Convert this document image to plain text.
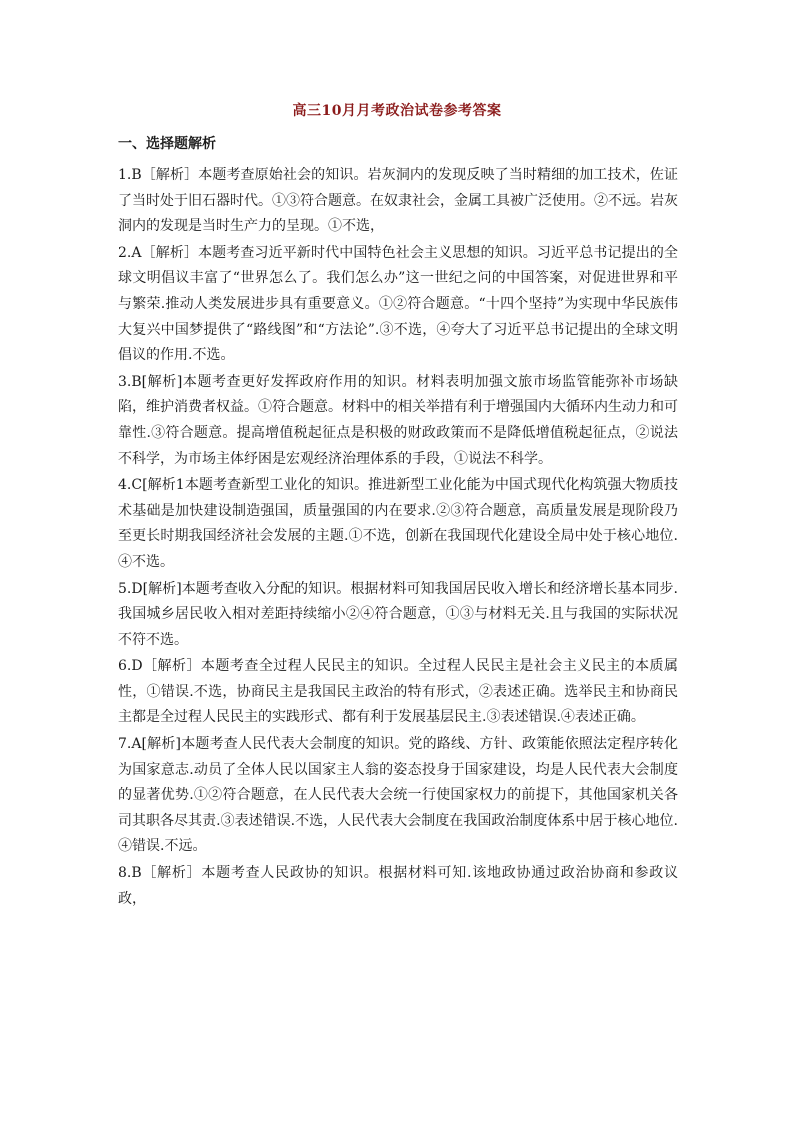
高三10月月考政治试卷参考答案
一、选择题解析

1.B［解析］本题考查原始社会的知识。岩灰洞内的发现反映了当时精细的加工技术，佐证了当时处于旧石器时代。①③符合题意。在奴隶社会，金属工具被广泛使用。②不远。岩灰洞内的发现是当时生产力的呈现。①不选，

2.A［解析］本题考查习近平新时代中国特色社会主义思想的知识。习近平总书记提出的全球文明倡议丰富了“世界怎么了。我们怎么办”这一世纪之问的中国答案，对促进世界和平与繁荣.推动人类发展进步具有重要意义。①②符合题意。“十四个坚持”为实现中华民族伟大复兴中国梦提供了“路线图”和“方法论”.③不选，④夸大了习近平总书记提出的全球文明倡议的作用.不选。

3.B[解析]本题考查更好发挥政府作用的知识。材料表明加强文旅市场监管能弥补市场缺陷，维护消费者权益。①符合题意。材料中的相关举措有利于增强国内大循环内生动力和可靠性.③符合题意。提高增值税起征点是积极的财政政策而不是降低增值税起征点，②说法不科学，为市场主体纾困是宏观经济治理体系的手段，①说法不科学。

4.C[解析1本题考查新型工业化的知识。推进新型工业化能为中国式现代化构筑强大物质技术基础是加快建设制造强国，质量强国的内在要求.②③符合题意，高质量发展是现阶段乃至更长时期我国经济社会发展的主题.①不选，创新在我国现代化建设全局中处于核心地位.④不选。

5.D[解析]本题考查收入分配的知识。根据材料可知我国居民收入增长和经济增长基本同步.我国城乡居民收入相对差距持续缩小②④符合题意，①③与材料无关.且与我国的实际状况不符不选。

6.D［解析］本题考查全过程人民民主的知识。全过程人民民主是社会主义民主的本质属性，①错误.不选，协商民主是我国民主政治的特有形式，②表述正确。选举民主和协商民主都是全过程人民民主的实践形式、都有利于发展基层民主.③表述错误.④表述正确。

7.A[解析]本题考查人民代表大会制度的知识。党的路线、方针、政策能依照法定程序转化为国家意志.动员了全体人民以国家主人翁的姿态投身于国家建设，均是人民代表大会制度的显著优势.①②符合题意，在人民代表大会统一行使国家权力的前提下，其他国家机关各司其职各尽其责.③表述错误.不选，人民代表大会制度在我国政治制度体系中居于核心地位.④错误.不远。

8.B［解析］本题考查人民政协的知识。根据材料可知.该地政协通过政治协商和参政议政，
